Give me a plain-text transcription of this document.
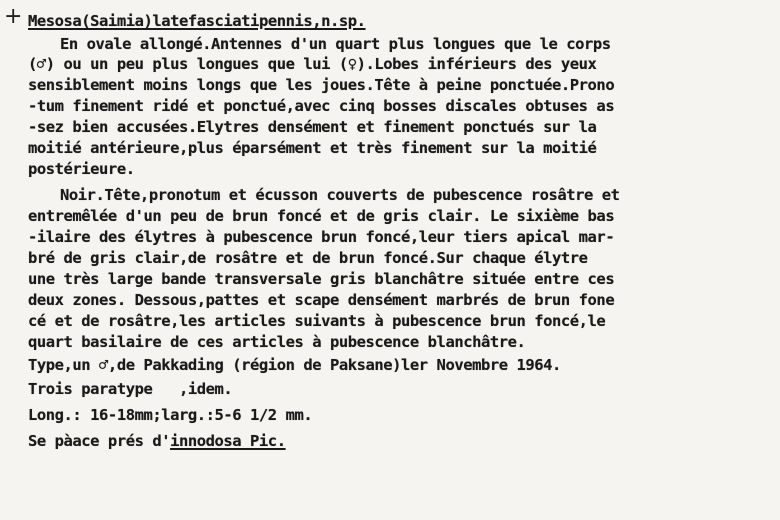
+ Mesosa(Saimia)latefasciatipennis,n.sp.
En ovale allongé.Antennes d'un quart plus longues que le corps
(♂) ou un peu plus longues que lui (♀).Lobes inférieurs des yeux
sensiblement moins longs que les joues.Tête à peine ponctuée.Prono
-tum finement ridé et ponctué,avec cinq bosses discales obtuses as
-sez bien accusées.Elytres densément et finement ponctués sur la
moitié antérieure,plus éparsément et très finement sur la moitié
postérieure.
Noir.Tête,pronotum et écusson couverts de pubescence rosâtre et
entremêlée d'un peu de brun foncé et de gris clair. Le sixième bas
-ilaire des élytres à pubescence brun foncé,leur tiers apical mar-
bré de gris clair,de rosâtre et de brun foncé.Sur chaque élytre
une très large bande transversale gris blanchâtre située entre ces
deux zones. Dessous,pattes et scape densément marbrés de brun fone
cé et de rosâtre,les articles suivants à pubescence brun foncé,le
quart basilaire de ces articles à pubescence blanchâtre.
Type,un ♂,de Pakkading (région de Paksane)ler Novembre 1964.
Trois paratype   ,idem.
Long.: 16-18mm;larg.:5-6 1/2 mm.
Se pàace prés d'innodosa Pic.
